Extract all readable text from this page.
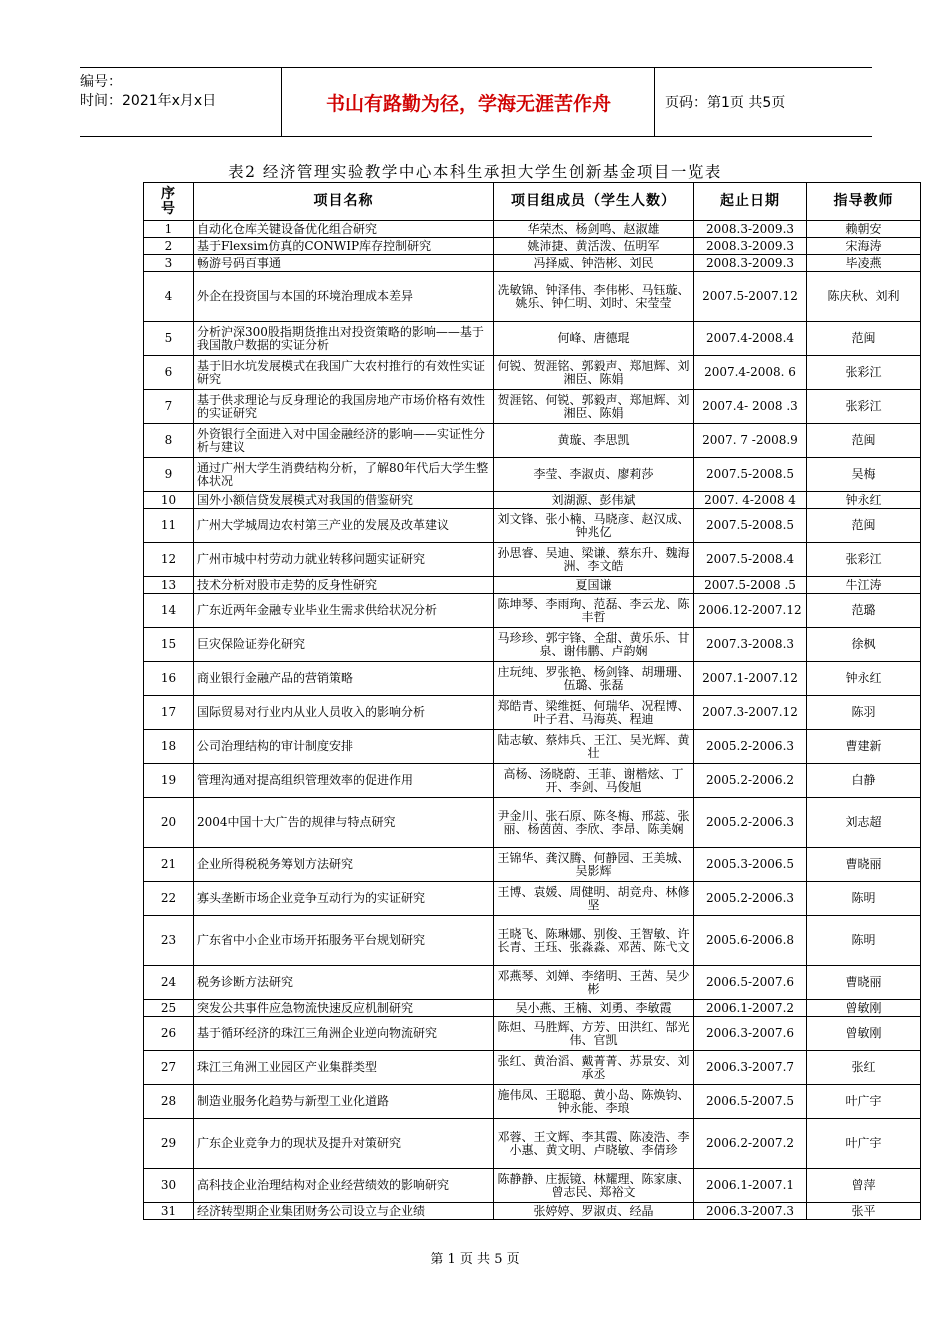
编号：
时间：2021年x月x日	书山有路勤为径，学海无涯苦作舟	页码：第1页 共5页
表2 经济管理实验教学中心本科生承担大学生创新基金项目一览表
序号	项目名称	项目组成员（学生人数）	起止日期	指导教师
1	自动化仓库关键设备优化组合研究	华荣杰、杨剑鸣、赵淑雄	2008.3-2009.3	赖朝安
2	基于Flexsim仿真的CONWIP库存控制研究	姚沛捷、黄活泼、伍明军	2008.3-2009.3	宋海涛
3	畅游号码百事通	冯择威、钟浩彬、刘民	2008.3-2009.3	毕凌燕
4	外企在投资国与本国的环境治理成本差异	冼敏锦、钟泽伟、李伟彬、马钰璇、姚乐、钟仁明、刘时、宋莹莹	2007.5-2007.12	陈庆秋、刘利
5	分析沪深300股指期货推出对投资策略的影响——基于我国散户数据的实证分析	何峰、唐德琨	2007.4-2008.4	范闽
6	基于旧水坑发展模式在我国广大农村推行的有效性实证研究	何锐、贺涯铭、郭毅声、郑旭辉、刘湘臣、陈娟	2007.4-2008. 6	张彩江
7	基于供求理论与反身理论的我国房地产市场价格有效性的实证研究	贺涯铭、何锐、郭毅声、郑旭辉、刘湘臣、陈娟	2007.4- 2008 .3	张彩江
8	外资银行全面进入对中国金融经济的影响——实证性分析与建议	黄璇、李思凯	2007. 7 -2008.9	范闽
9	通过广州大学生消费结构分析，了解80年代后大学生整体状况	李莹、李淑贞、廖莉莎	2007.5-2008.5	吴梅
10	国外小额信贷发展模式对我国的借鉴研究	刘湖源、彭伟斌	2007. 4-2008 4	钟永红
11	广州大学城周边农村第三产业的发展及改革建议	刘文锋、张小楠、马晓彦、赵汉成、钟兆亿	2007.5-2008.5	范闽
12	广州市城中村劳动力就业转移问题实证研究	孙思睿、吴迪、梁谦、蔡东升、魏海洲、李文皓	2007.5-2008.4	张彩江
13	技术分析对股市走势的反身性研究	夏国谦	2007.5-2008 .5	牛江涛
14	广东近两年金融专业毕业生需求供给状况分析	陈坤琴、李雨珣、范磊、李云龙、陈丰哲	2006.12-2007.12	范璐
15	巨灾保险证券化研究	马珍珍、郭宇锋、全甜、黄乐乐、甘泉、谢伟鹏、卢韵娴	2007.3-2008.3	徐枫
16	商业银行金融产品的营销策略	庄玩纯、罗张艳、杨剑锋、胡珊珊、伍璐、张磊	2007.1-2007.12	钟永红
17	国际贸易对行业内从业人员收入的影响分析	郑皓青、梁维挺、何瑞华、况程博、叶子君、马海英、程迪	2007.3-2007.12	陈羽
18	公司治理结构的审计制度安排	陆志敏、蔡炜兵、王江、吴光辉、黄壮	2005.2-2006.3	曹建新
19	管理沟通对提高组织管理效率的促进作用	高杨、汤晓蔚、王菲、谢楷炫、丁开、李剑、马俊旭	2005.2-2006.2	白静
20	2004中国十大广告的规律与特点研究	尹金川、张石原、陈冬梅、邢蕊、张丽、杨茵茵、李欣、李昂、陈美娴	2005.2-2006.3	刘志超
21	企业所得税税务筹划方法研究	王锦华、龚汉腾、何静园、王美城、吴影辉	2005.3-2006.5	曹晓丽
22	寡头垄断市场企业竞争互动行为的实证研究	王博、袁媛、周健明、胡竞舟、林修坚	2005.2-2006.3	陈明
23	广东省中小企业市场开拓服务平台规划研究	王晓飞、陈琳娜、别俊、王智敏、许长青、王珏、张淼淼、邓茜、陈弋文	2005.6-2006.8	陈明
24	税务诊断方法研究	邓燕琴、刘婵、李绪明、王茜、吴少彬	2006.5-2007.6	曹晓丽
25	突发公共事件应急物流快速反应机制研究	吴小燕、王楠、刘勇、李敏霞	2006.1-2007.2	曾敏刚
26	基于循环经济的珠江三角洲企业逆向物流研究	陈炟、马胜辉、方芳、田洪红、郜光伟、官凯	2006.3-2007.6	曾敏刚
27	珠江三角洲工业园区产业集群类型	张红、黄治滔、戴菁菁、苏景安、刘承丞	2006.3-2007.7	张红
28	制造业服务化趋势与新型工业化道路	施伟凤、王聪聪、黄小岛、陈焕钧、钟永能、李琅	2006.5-2007.5	叶广宇
29	广东企业竞争力的现状及提升对策研究	邓蓉、王文辉、李其霞、陈凌浩、李小惠、黄文明、卢晓敏、李倩珍	2006.2-2007.2	叶广宇
30	高科技企业治理结构对企业经营绩效的影响研究	陈静静、庄振镜、林耀理、陈家康、曾志民、郑裕文	2006.1-2007.1	曾萍
31	经济转型期企业集团财务公司设立与企业绩	张婷婷、罗淑贞、经晶	2006.3-2007.3	张平
第 1 页 共 5 页
